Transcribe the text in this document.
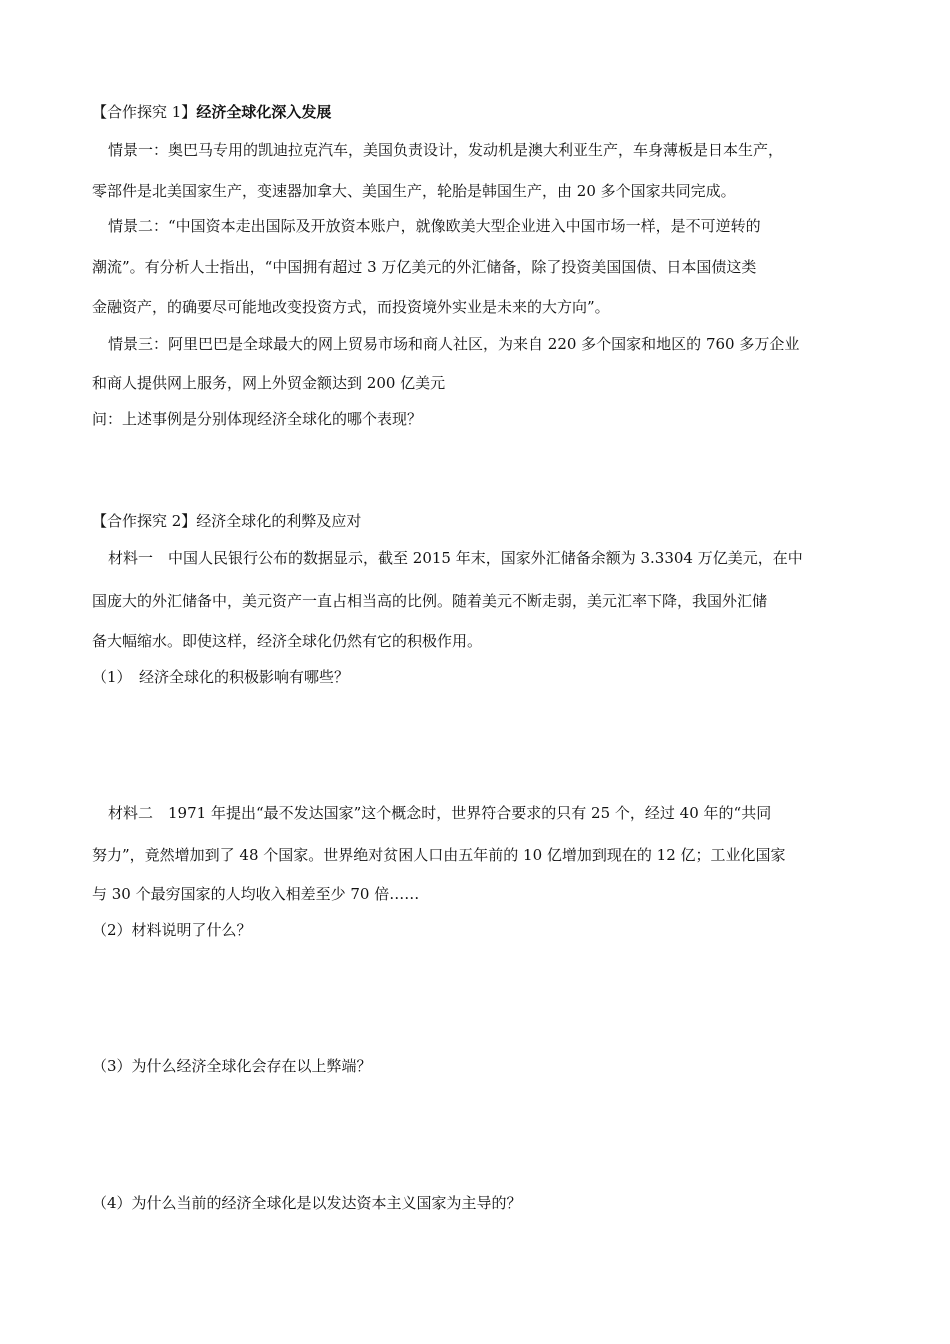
【合作探究 1】经济全球化深入发展
情景一：奥巴马专用的凯迪拉克汽车，美国负责设计，发动机是澳大利亚生产，车身薄板是日本生产，
零部件是北美国家生产，变速器加拿大、美国生产，轮胎是韩国生产，由 20 多个国家共同完成。
情景二：“中国资本走出国际及开放资本账户，就像欧美大型企业进入中国市场一样，是不可逆转的
潮流”。有分析人士指出，“中国拥有超过 3 万亿美元的外汇储备，除了投资美国国债、日本国债这类
金融资产，的确要尽可能地改变投资方式，而投资境外实业是未来的大方向”。
情景三：阿里巴巴是全球最大的网上贸易市场和商人社区，为来自 220 多个国家和地区的 760 多万企业
和商人提供网上服务，网上外贸金额达到 200 亿美元
问：上述事例是分别体现经济全球化的哪个表现？
【合作探究 2】经济全球化的利弊及应对
材料一　中国人民银行公布的数据显示，截至 2015 年末，国家外汇储备余额为 3.3304 万亿美元，在中
国庞大的外汇储备中，美元资产一直占相当高的比例。随着美元不断走弱，美元汇率下降，我国外汇储
备大幅缩水。即使这样，经济全球化仍然有它的积极作用。
（1）　经济全球化的积极影响有哪些？
材料二　1971 年提出“最不发达国家”这个概念时，世界符合要求的只有 25 个，经过 40 年的“共同
努力”，竟然增加到了 48 个国家。世界绝对贫困人口由五年前的 10 亿增加到现在的 12 亿；工业化国家
与 30 个最穷国家的人均收入相差至少 70 倍……
（2）材料说明了什么？
（3）为什么经济全球化会存在以上弊端？
（4）为什么当前的经济全球化是以发达资本主义国家为主导的？
